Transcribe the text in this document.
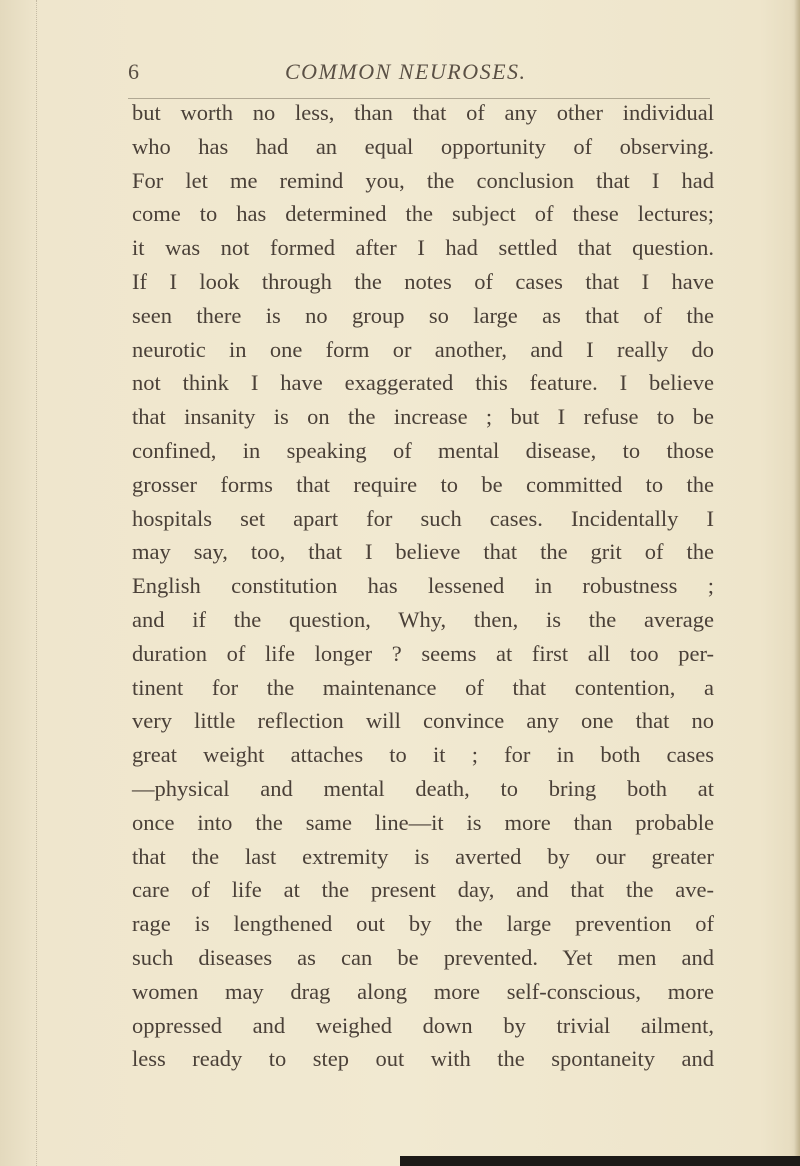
6	COMMON NEUROSES.
but worth no less, than that of any other individual
who has had an equal opportunity of observing.
For let me remind you, the conclusion that I had
come to has determined the subject of these lectures;
it was not formed after I had settled that question.
If I look through the notes of cases that I have
seen there is no group so large as that of the
neurotic in one form or another, and I really do
not think I have exaggerated this feature. I believe
that insanity is on the increase ; but I refuse to be
confined, in speaking of mental disease, to those
grosser forms that require to be committed to the
hospitals set apart for such cases. Incidentally I
may say, too, that I believe that the grit of the
English constitution has lessened in robustness ;
and if the question, Why, then, is the average
duration of life longer ? seems at first all too per-
tinent for the maintenance of that contention, a
very little reflection will convince any one that no
great weight attaches to it ; for in both cases
—physical and mental death, to bring both at
once into the same line—it is more than probable
that the last extremity is averted by our greater
care of life at the present day, and that the ave-
rage is lengthened out by the large prevention of
such diseases as can be prevented. Yet men and
women may drag along more self-conscious, more
oppressed and weighed down by trivial ailment,
less ready to step out with the spontaneity and
